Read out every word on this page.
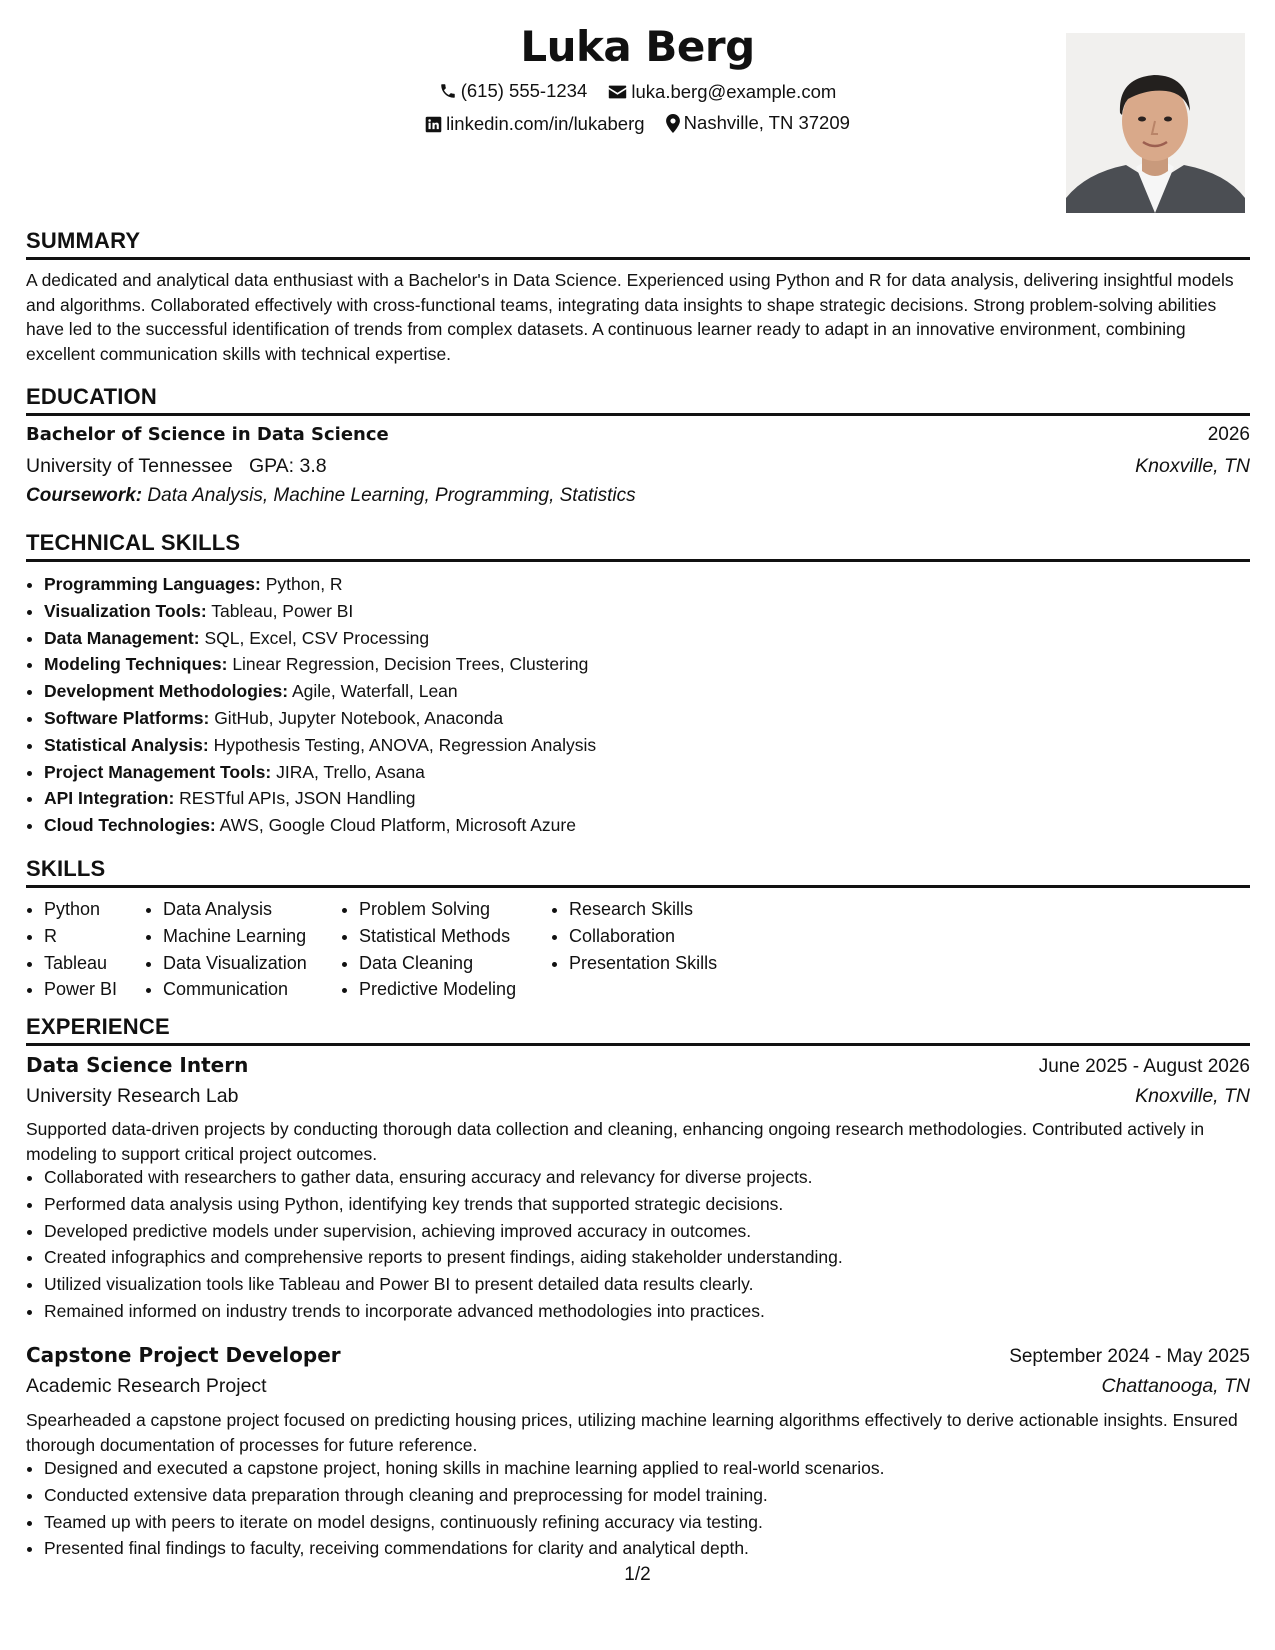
Luka Berg
(615) 555-1234
luka.berg@example.com
linkedin.com/in/lukaberg
Nashville, TN 37209
SUMMARY

A dedicated and analytical data enthusiast with a Bachelor's in Data Science. Experienced using Python and R for data analysis, delivering insightful models and algorithms. Collaborated effectively with cross-functional teams, integrating data insights to shape strategic decisions. Strong problem-solving abilities have led to the successful identification of trends from complex datasets. A continuous learner ready to adapt in an innovative environment, combining excellent communication skills with technical expertise.

EDUCATION
Bachelor of Science in Data Science	2026
University of Tennessee GPA: 3.8	Knoxville, TN
Coursework: Data Analysis, Machine Learning, Programming, Statistics
TECHNICAL SKILLS
• Programming Languages: Python, R
• Visualization Tools: Tableau, Power BI
• Data Management: SQL, Excel, CSV Processing
• Modeling Techniques: Linear Regression, Decision Trees, Clustering
• Development Methodologies: Agile, Waterfall, Lean
• Software Platforms: GitHub, Jupyter Notebook, Anaconda
• Statistical Analysis: Hypothesis Testing, ANOVA, Regression Analysis
• Project Management Tools: JIRA, Trello, Asana
• API Integration: RESTful APIs, JSON Handling
• Cloud Technologies: AWS, Google Cloud Platform, Microsoft Azure
SKILLS
• Python
• R
• Tableau
• Power BI
• Data Analysis
• Machine Learning
• Data Visualization
• Communication
• Problem Solving
• Statistical Methods
• Data Cleaning
• Predictive Modeling
• Research Skills
• Collaboration
• Presentation Skills
EXPERIENCE
Data Science Intern	June 2025 - August 2026
University Research Lab	Knoxville, TN

Supported data-driven projects by conducting thorough data collection and cleaning, enhancing ongoing research methodologies. Contributed actively in modeling to support critical project outcomes.

• Collaborated with researchers to gather data, ensuring accuracy and relevancy for diverse projects.
• Performed data analysis using Python, identifying key trends that supported strategic decisions.
• Developed predictive models under supervision, achieving improved accuracy in outcomes.
• Created infographics and comprehensive reports to present findings, aiding stakeholder understanding.
• Utilized visualization tools like Tableau and Power BI to present detailed data results clearly.
• Remained informed on industry trends to incorporate advanced methodologies into practices.
Capstone Project Developer	September 2024 - May 2025
Academic Research Project	Chattanooga, TN

Spearheaded a capstone project focused on predicting housing prices, utilizing machine learning algorithms effectively to derive actionable insights. Ensured thorough documentation of processes for future reference.

• Designed and executed a capstone project, honing skills in machine learning applied to real-world scenarios.
• Conducted extensive data preparation through cleaning and preprocessing for model training.
• Teamed up with peers to iterate on model designs, continuously refining accuracy via testing.
• Presented final findings to faculty, receiving commendations for clarity and analytical depth.
1/2
